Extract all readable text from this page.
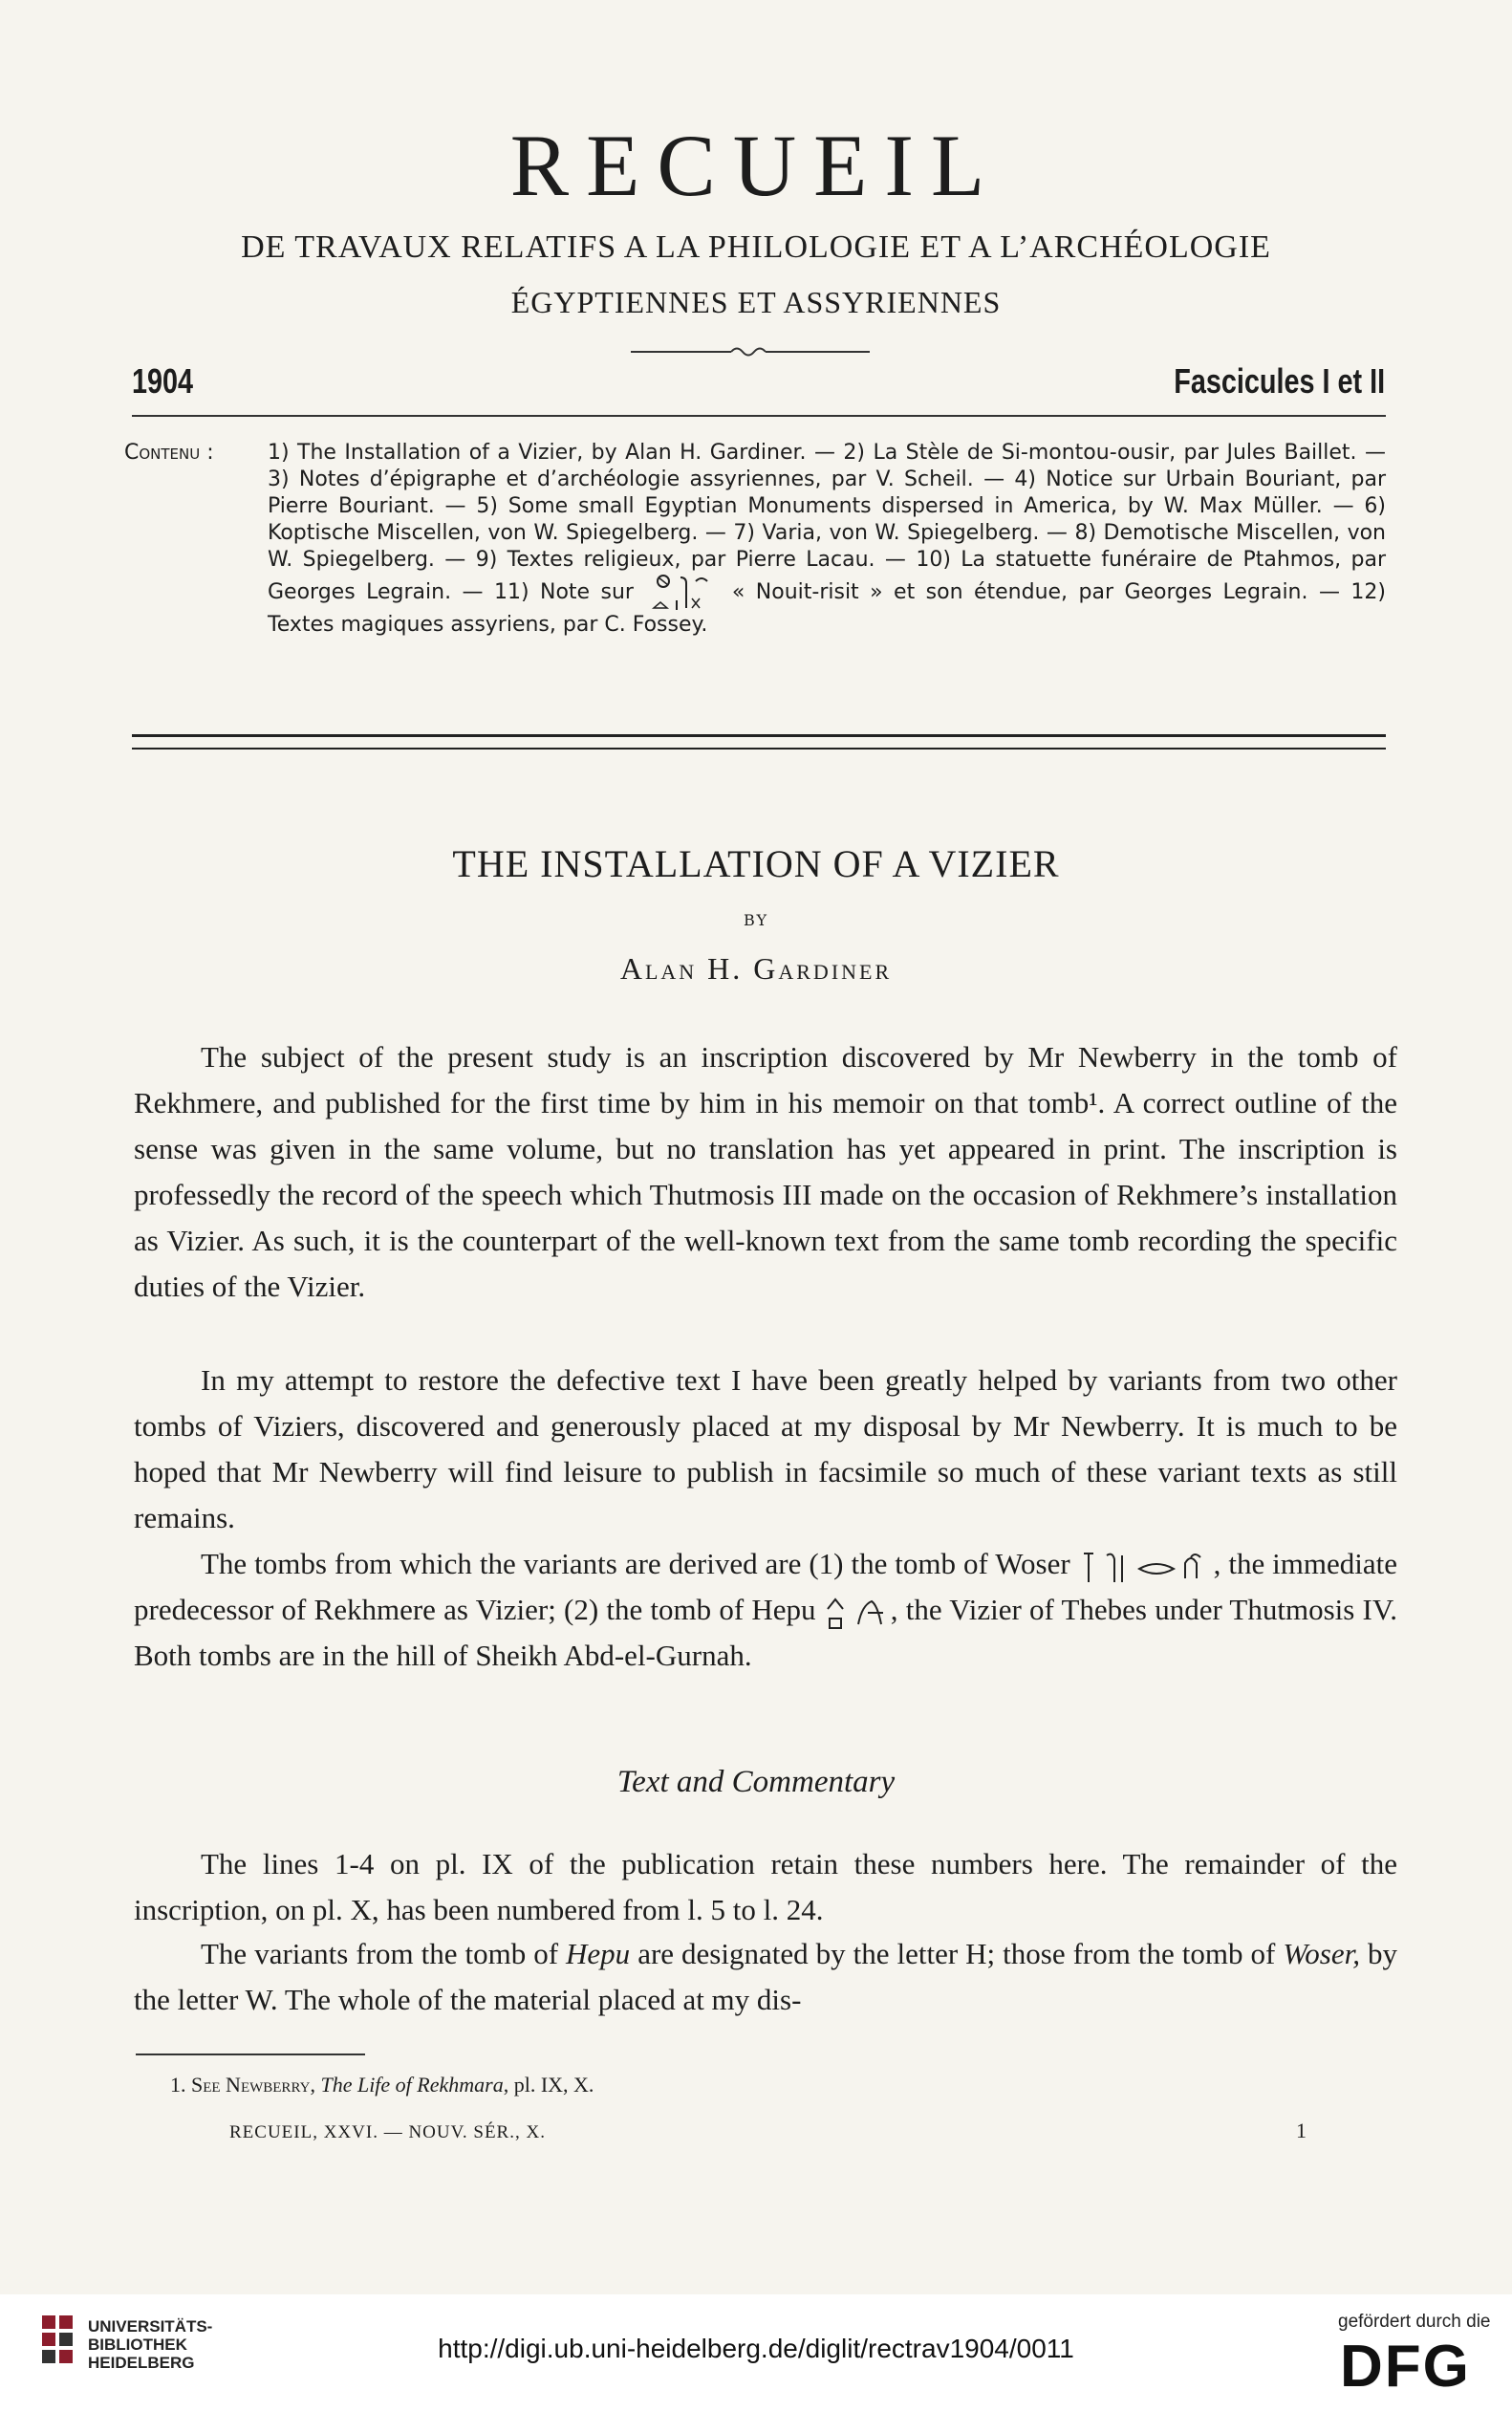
RECUEIL
DE TRAVAUX RELATIFS A LA PHILOLOGIE ET A L’ARCHÉOLOGIE
ÉGYPTIENNES ET ASSYRIENNES
1904	Fascicules I et II
Contenu :	1) The Installation of a Vizier, by Alan H. Gardiner. — 2) La Stèle de Si-montou-ousir, par Jules Baillet. — 3) Notes d’épigraphe et d’archéologie assyriennes, par V. Scheil. — 4) Notice sur Urbain Bouriant, par Pierre Bouriant. — 5) Some small Egyptian Monuments dispersed in America, by W. Max Müller. — 6) Koptische Miscellen, von W. Spiegelberg. — 7) Varia, von W. Spiegelberg. — 8) Demotische Miscellen, von W. Spiegelberg. — 9) Textes religieux, par Pierre Lacau. — 10) La statuette funéraire de Ptahmos, par Georges Legrain. — 11) Note sur	« Nouit-risit » et son étendue, par Georges Legrain. — 12) Textes magiques assyriens, par C. Fossey.
THE INSTALLATION OF A VIZIER
BY
Alan H. Gardiner

The subject of the present study is an inscription discovered by Mr Newberry in the tomb of Rekhmere, and published for the first time by him in his memoir on that tomb¹. A correct outline of the sense was given in the same volume, but no translation has yet appeared in print. The inscription is professedly the record of the speech which Thutmosis III made on the occasion of Rekhmere’s installation as Vizier. As such, it is the counterpart of the well-known text from the same tomb recording the specific duties of the Vizier.

In my attempt to restore the defective text I have been greatly helped by variants from two other tombs of Viziers, discovered and generously placed at my disposal by Mr Newberry. It is much to be hoped that Mr Newberry will find leisure to publish in facsimile so much of these variant texts as still remains.

The tombs from which the variants are derived are (1) the tomb of Woser	, the immediate predecessor of Rekhmere as Vizier; (2) the tomb of Hepu	, the Vizier of Thebes under Thutmosis IV. Both tombs are in the hill of Sheikh Abd-el-Gurnah.

Text and Commentary

The lines 1-4 on pl. IX of the publication retain these numbers here. The remainder of the inscription, on pl. X, has been numbered from l. 5 to l. 24.

The variants from the tomb of Hepu are designated by the letter H; those from the tomb of Woser, by the letter W. The whole of the material placed at my dis-

1. See Newberry, The Life of Rekhmara, pl. IX, X.
RECUEIL, XXVI. — NOUV. SÉR., X.	1
UNIVERSITÄTS-
BIBLIOTHEK
HEIDELBERG	http://digi.ub.uni-heidelberg.de/diglit/rectrav1904/0011
gefördert durch die
DFG
